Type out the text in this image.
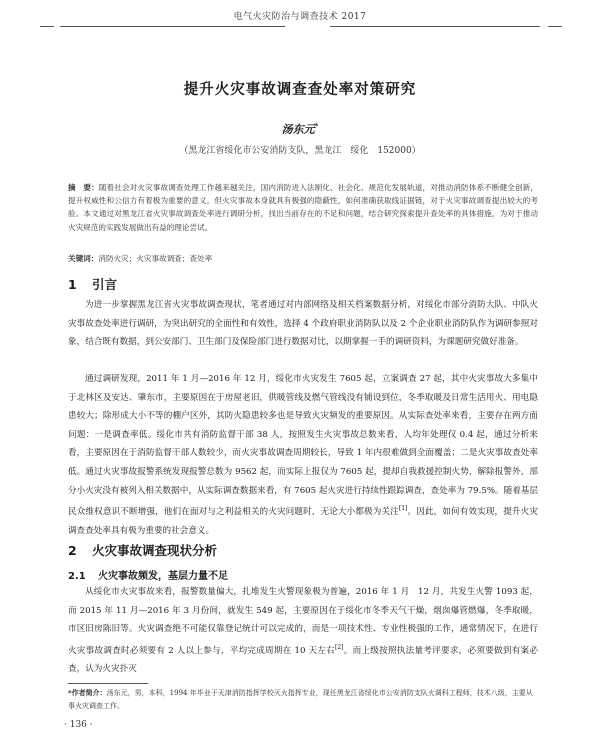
电气火灾防治与调查技术 2017
提升火灾事故调查查处率对策研究
汤东元*
（黑龙江省绥化市公安消防支队，黑龙江　绥化　152000）
摘　要：随着社会对火灾事故调查处理工作越来越关注，国内消防进入法制化、社会化、规范化发展轨道，对推动消防体系不断健全创新，提升权威性和公信力有着极为重要的意义。但火灾事故本身就具有极强的隐蔽性，如何准确获取线证据链，对于火灾事故调查提出较大的考验。本文通过对黑龙江省火灾事故调查处率进行调研分析，找出当前存在的不足和问题，结合研究探索提升查处率的具体措施，为对于推动火灾规范的实践发展做出有益的理论尝试。
关键词：消防火灾；火灾事故调查；查处率
1 引言
为进一步掌握黑龙江省火灾事故调查现状，笔者通过对内部网络及相关档案数据分析，对绥化市部分消防大队、中队火灾事故查处率进行调研，为突出研究的全面性和有效性，选择 4 个政府职业消防队以及 2 个企业职业消防队作为调研参照对象，结合既有数据，到公安部门、卫生部门及保险部门进行数据对比，以期掌握一手的调研资料，为课题研究做好准备。
通过调研发现，2011 年 1 月—2016 年 12 月，绥化市火灾发生 7605 起，立案调查 27 起，其中火灾事故大多集中于北林区及安达、肇东市，主要原因在于房屋老旧，供暖管线及燃气管线没有铺设到位，冬季取暖及日常生活用火、用电隐患较大；除形成大小不等的棚户区外，其防火隐患较多也是导致火灾频发的重要原因。从实际查处率来看，主要存在两方面问题：一是调查率低。绥化市共有消防监督干部 38 人，按照发生火灾事故总数来看，人均年处理仅 0.4 起，通过分析来看，主要原因在于消防监督干部人数较少，而火灾事故调查周期较长，导致 1 年内很难做到全面覆盖；二是火灾事故查处率低。通过火灾事故报警系统发现报警总数为 9562 起，而实际上报仅为 7605 起，提却自我救援控制火势，解除报警外，部分小火灾没有被列入相关数据中，从实际调查数据来看，有 7605 起火灾进行持续性跟踪调查，查处率为 79.5%。随着基层民众维权意识不断增强，他们在面对与之利益相关的火灾问题时，无论大小都极为关注[1]。因此，如何有效实现，提升火灾调查查处率具有极为重要的社会意义。
2 火灾事故调查现状分析
2.1 火灾事故频发，基层力量不足
从绥化市火灾事故来看，报警数量偏大，扎堆发生火警现象极为普遍，2016 年 1 月　12 月，共发生火警 1093 起，而 2015 年 11 月—2016 年 3 月份间，就发生 549 起，主要原因在于绥化市冬季天气干燥，烟囱爆管燃爆，冬季取暖，市区旧房陈旧等。火灾调查绝不可能仅靠登记统计可以完成的，而是一项技术性、专业性极强的工作，通常情况下，在进行火灾事故调查时必须要有 2 人以上参与，平均完成周期在 10 天左右[2]。而上级按照执法量考评要求，必须要做到有案必查，认为火灾扑灭
*作者简介：汤东元，男，本科，1994 年毕业于天津消防指挥学校灭火指挥专业，现任黑龙江省绥化市公安消防支队火调科工程师，技术八级，主要从事火灾调查工作。
· 136 ·
